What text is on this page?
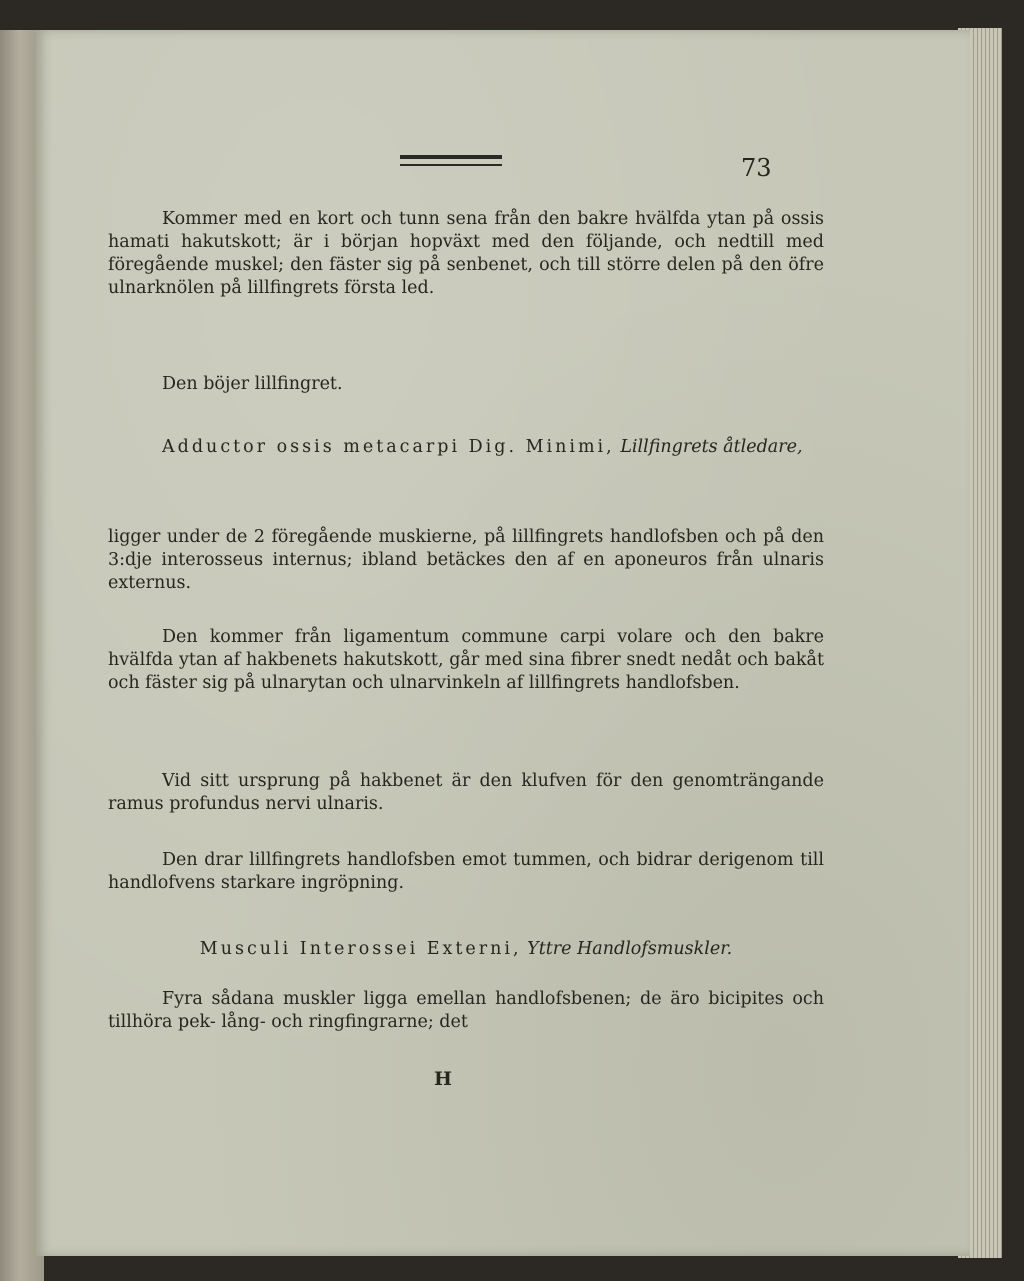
73

Kommer med en kort och tunn sena från den bakre hvälfda ytan på ossis hamati hakutskott; är i början hopväxt med den följande, och nedtill med föregående muskel; den fäster sig på senbenet, och till större delen på den öfre ulnarknölen på lillfingrets första led.

Den böjer lillfingret.

Adductor ossis metacarpi Dig. Minimi, Lillfingrets åtledare,

ligger under de 2 föregående muskierne, på lillfingrets handlofsben och på den 3:dje interosseus internus; ibland betäckes den af en aponeuros från ulnaris externus.

Den kommer från ligamentum commune carpi volare och den bakre hvälfda ytan af hakbenets hakutskott, går med sina fibrer snedt nedåt och bakåt och fäster sig på ulnarytan och ulnarvinkeln af lillfingrets handlofsben.

Vid sitt ursprung på hakbenet är den klufven för den genomträngande ramus profundus nervi ulnaris.

Den drar lillfingrets handlofsben emot tummen, och bidrar derigenom till handlofvens starkare ingröpning.

Musculi Interossei Externi, Yttre Handlofsmuskler.

Fyra sådana muskler ligga emellan handlofsbenen; de äro bicipites och tillhöra pek- lång- och ringfingrarne; det

H
